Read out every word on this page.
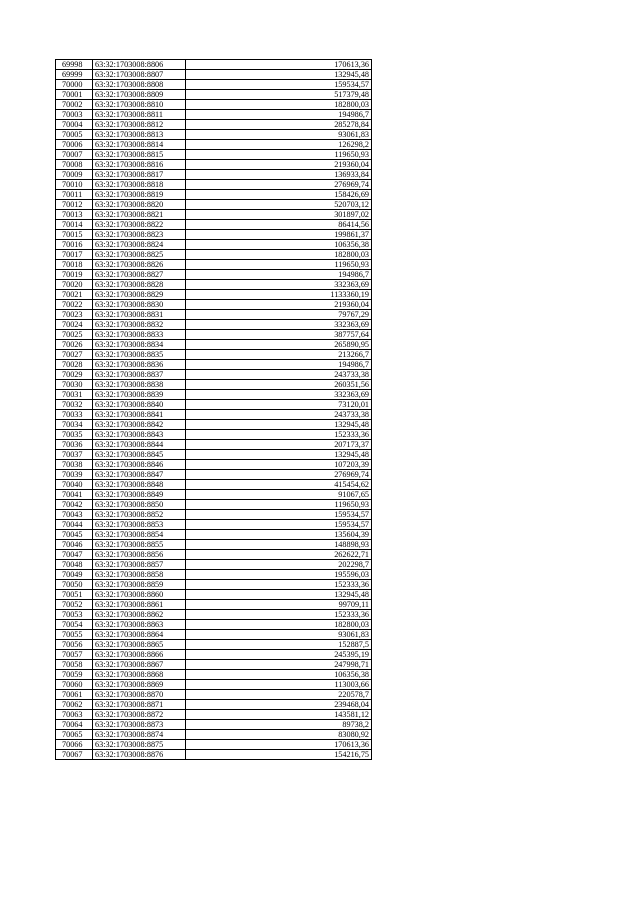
69998	63:32:1703008:8806	170613,36
69999	63:32:1703008:8807	132945,48
70000	63:32:1703008:8808	159534,57
70001	63:32:1703008:8809	517379,48
70002	63:32:1703008:8810	182800,03
70003	63:32:1703008:8811	194986,7
70004	63:32:1703008:8812	285278,84
70005	63:32:1703008:8813	93061,83
70006	63:32:1703008:8814	126298,2
70007	63:32:1703008:8815	119650,93
70008	63:32:1703008:8816	219360,04
70009	63:32:1703008:8817	136933,84
70010	63:32:1703008:8818	276969,74
70011	63:32:1703008:8819	158426,69
70012	63:32:1703008:8820	520703,12
70013	63:32:1703008:8821	301897,02
70014	63:32:1703008:8822	86414,56
70015	63:32:1703008:8823	199861,37
70016	63:32:1703008:8824	106356,38
70017	63:32:1703008:8825	182800,03
70018	63:32:1703008:8826	119650,93
70019	63:32:1703008:8827	194986,7
70020	63:32:1703008:8828	332363,69
70021	63:32:1703008:8829	1133360,19
70022	63:32:1703008:8830	219360,04
70023	63:32:1703008:8831	79767,29
70024	63:32:1703008:8832	332363,69
70025	63:32:1703008:8833	387757,64
70026	63:32:1703008:8834	265890,95
70027	63:32:1703008:8835	213266,7
70028	63:32:1703008:8836	194986,7
70029	63:32:1703008:8837	243733,38
70030	63:32:1703008:8838	260351,56
70031	63:32:1703008:8839	332363,69
70032	63:32:1703008:8840	73120,01
70033	63:32:1703008:8841	243733,38
70034	63:32:1703008:8842	132945,48
70035	63:32:1703008:8843	152333,36
70036	63:32:1703008:8844	207173,37
70037	63:32:1703008:8845	132945,48
70038	63:32:1703008:8846	107203,39
70039	63:32:1703008:8847	276969,74
70040	63:32:1703008:8848	415454,62
70041	63:32:1703008:8849	91067,65
70042	63:32:1703008:8850	119650,93
70043	63:32:1703008:8852	159534,57
70044	63:32:1703008:8853	159534,57
70045	63:32:1703008:8854	135604,39
70046	63:32:1703008:8855	148898,93
70047	63:32:1703008:8856	262622,71
70048	63:32:1703008:8857	202298,7
70049	63:32:1703008:8858	195596,03
70050	63:32:1703008:8859	152333,36
70051	63:32:1703008:8860	132945,48
70052	63:32:1703008:8861	99709,11
70053	63:32:1703008:8862	152333,36
70054	63:32:1703008:8863	182800,03
70055	63:32:1703008:8864	93061,83
70056	63:32:1703008:8865	152887,5
70057	63:32:1703008:8866	245395,19
70058	63:32:1703008:8867	247998,71
70059	63:32:1703008:8868	106356,38
70060	63:32:1703008:8869	113003,66
70061	63:32:1703008:8870	220578,7
70062	63:32:1703008:8871	239468,04
70063	63:32:1703008:8872	143581,12
70064	63:32:1703008:8873	89738,2
70065	63:32:1703008:8874	83080,92
70066	63:32:1703008:8875	170613,36
70067	63:32:1703008:8876	154216,75
